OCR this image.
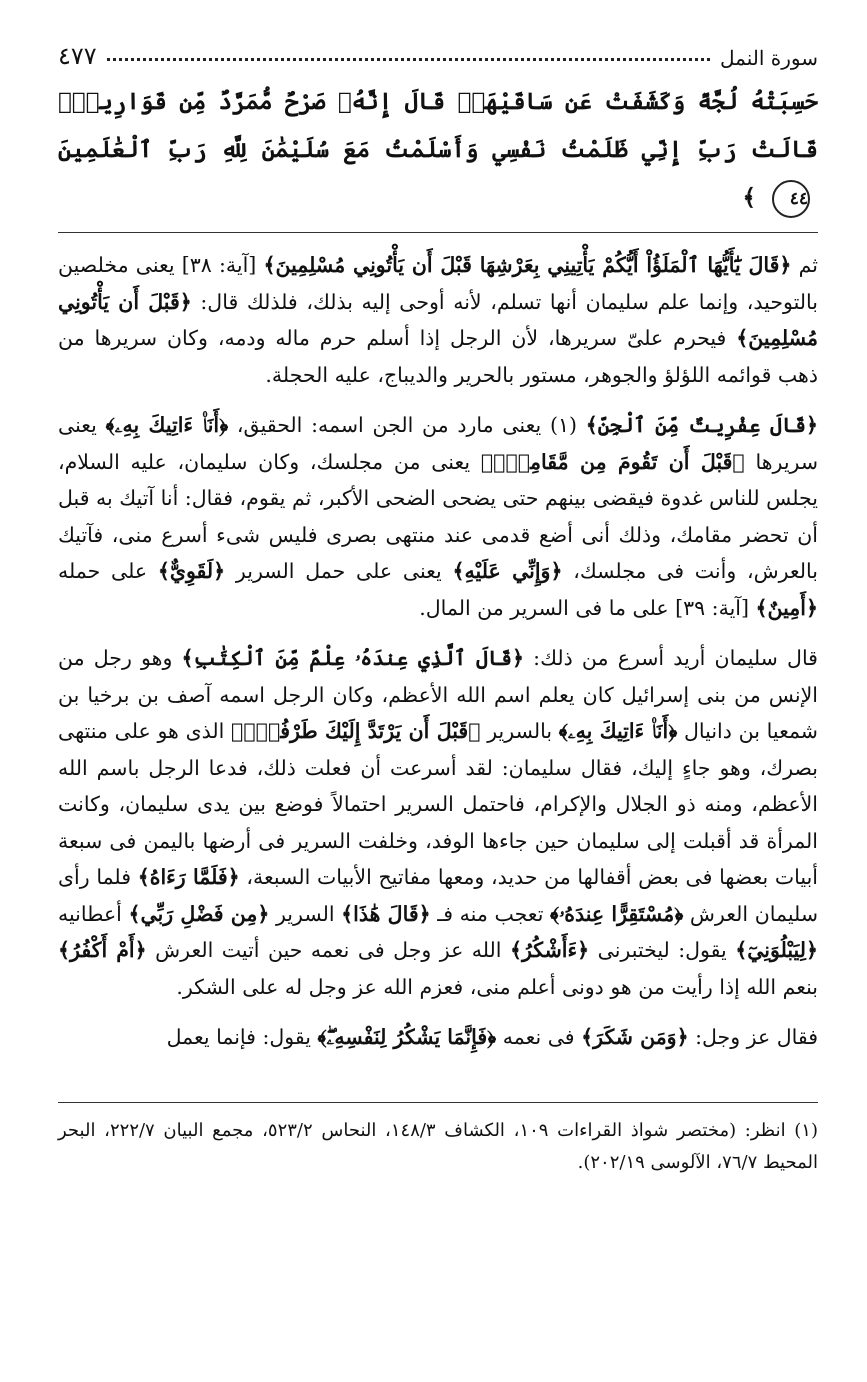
سورة النمل
٤٧٧
حَسِبَتْهُ لُجَّةً وَكَشَفَتْ عَن سَاقَيْهَاۚ قَالَ إِنَّهُۥ صَرْحٌ مُّمَرَّدٌ مِّن قَوَارِيرَۗ قَالَتْ رَبِّ إِنِّي ظَلَمْتُ نَفْسِي وَأَسْلَمْتُ مَعَ سُلَيْمَٰنَ لِلَّهِ رَبِّ ٱلْعَٰلَمِينَ ٤٤ ﴾

ثم ﴿قَالَ يَٰٓأَيُّهَا ٱلْمَلَؤُاْ أَيُّكُمْ يَأْتِينِي بِعَرْشِهَا قَبْلَ أَن يَأْتُونِي مُسْلِمِينَ﴾ [آية: ٣٨] يعنى مخلصين بالتوحيد، وإنما علم سليمان أنها تسلم، لأنه أوحى إليه بذلك، فلذلك قال: ﴿قَبْلَ أَن يَأْتُونِي مُسْلِمِينَ﴾ فيحرم علىّ سريرها، لأن الرجل إذا أسلم حرم ماله ودمه، وكان سريرها من ذهب قوائمه اللؤلؤ والجوهر، مستور بالحرير والديباج، عليه الحجلة.

﴿قَالَ عِفْرِيتٌ مِّنَ ٱلْجِنِّ﴾ (١) يعنى مارد من الجن اسمه: الحقيق، ﴿أَنَا۠ ءَاتِيكَ بِهِۦ﴾ يعنى سريرها ﴿قَبْلَ أَن تَقُومَ مِن مَّقَامِكَۖ﴾ يعنى من مجلسك، وكان سليمان، عليه السلام، يجلس للناس غدوة فيقضى بينهم حتى يضحى الضحى الأكبر، ثم يقوم، فقال: أنا آتيك به قبل أن تحضر مقامك، وذلك أنى أضع قدمى عند منتهى بصرى فليس شىء أسرع منى، فآتيك بالعرش، وأنت فى مجلسك، ﴿وَإِنِّي عَلَيْهِ﴾ يعنى على حمل السرير ﴿لَقَوِيٌّ﴾ على حمله ﴿أَمِينٌ﴾ [آية: ٣٩] على ما فى السرير من المال.

قال سليمان أريد أسرع من ذلك: ﴿قَالَ ٱلَّذِي عِندَهُۥ عِلْمٌ مِّنَ ٱلْكِتَٰبِ﴾ وهو رجل من الإنس من بنى إسرائيل كان يعلم اسم الله الأعظم، وكان الرجل اسمه آصف بن برخيا بن شمعيا بن دانيال ﴿أَنَا۠ ءَاتِيكَ بِهِۦ﴾ بالسرير ﴿قَبْلَ أَن يَرْتَدَّ إِلَيْكَ طَرْفُكَۚ﴾ الذى هو على منتهى بصرك، وهو جاءٍ إليك، فقال سليمان: لقد أسرعت أن فعلت ذلك، فدعا الرجل باسم الله الأعظم، ومنه ذو الجلال والإكرام، فاحتمل السرير احتمالاً فوضع بين يدى سليمان، وكانت المرأة قد أقبلت إلى سليمان حين جاءها الوفد، وخلفت السرير فى أرضها باليمن فى سبعة أبيات بعضها فى بعض أقفالها من حديد، ومعها مفاتيح الأبيات السبعة، ﴿فَلَمَّا رَءَاهُ﴾ فلما رأى سليمان العرش ﴿مُسْتَقِرًّا عِندَهُۥ﴾ تعجب منه فـ ﴿قَالَ هَٰذَا﴾ السرير ﴿مِن فَضْلِ رَبِّي﴾ أعطانيه ﴿لِيَبْلُوَنِيٓ﴾ يقول: ليختبرنى ﴿ءَأَشْكُرُ﴾ الله عز وجل فى نعمه حين أتيت العرش ﴿أَمْ أَكْفُرُ﴾ بنعم الله إذا رأيت من هو دونى أعلم منى، فعزم الله عز وجل له على الشكر.

فقال عز وجل: ﴿وَمَن شَكَرَ﴾ فى نعمه ﴿فَإِنَّمَا يَشْكُرُ لِنَفْسِهِۦۖ﴾ يقول: فإنما يعمل

(١) انظر: (مختصر شواذ القراءات ١٠٩، الكشاف ١٤٨/٣، النحاس ٥٢٣/٢، مجمع البيان ٢٢٢/٧، البحر المحيط ٧٦/٧، الآلوسى ٢٠٢/١٩).
